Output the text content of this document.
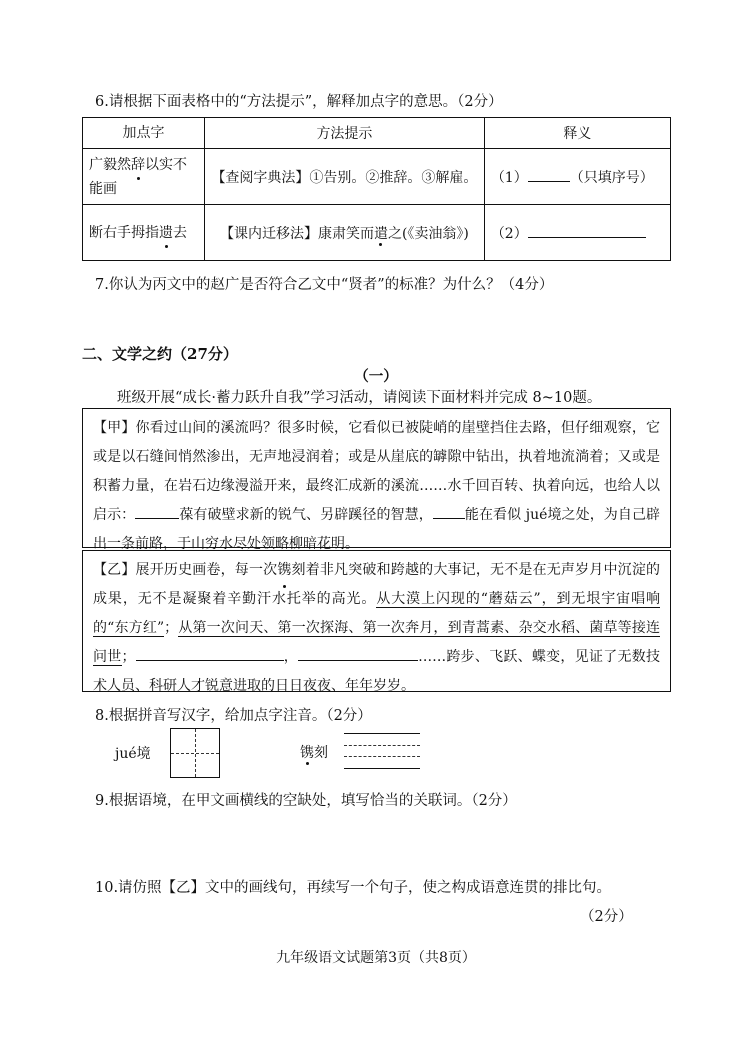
6.请根据下面表格中的“方法提示”，解释加点字的意思。（2分）
加点字	方法提示	释义
广毅然辞以实不能画	【查阅字典法】①告别。②推辞。③解雇。	（1） （只填序号）
断右手拇指遗去	【课内迁移法】康肃笑而遣之(《卖油翁》)	（2）
7.你认为丙文中的赵广是否符合乙文中“贤者”的标准？为什么？（4分）
二、文学之约（27分）
（一）
班级开展“成长·蓄力跃升自我”学习活动，请阅读下面材料并完成 8~10题。
【甲】你看过山间的溪流吗？很多时候，它看似已被陡峭的崖壁挡住去路，但仔细观察，它或是以石缝间悄然渗出，无声地浸润着；或是从崖底的罅隙中钻出，执着地流淌着；又或是积蓄力量，在岩石边缘漫溢开来，最终汇成新的溪流……水千回百转、执着向远，也给人以启示：	葆有破壁求新的锐气、另辟蹊径的智慧， 能在看似 jué境之处，为自己辟出一条前路，于山穷水尽处领略柳暗花明。
【乙】展开历史画卷，每一次镌刻着非凡突破和跨越的大事记，无不是在无声岁月中沉淀的成果，无不是凝聚着辛勤汗水托举的高光。从大漠上闪现的“蘑菇云”，到无垠宇宙唱响的“东方红”；从第一次问天、第一次探海、第一次奔月，到青蒿素、杂交水稻、菌草等接连问世；	，	……跨步、飞跃、蝶变，见证了无数技术人员、科研人才锐意进取的日日夜夜、年年岁岁。
8.根据拼音写汉字，给加点字注音。（2分）
jué境	镌刻
9.根据语境，在甲文画横线的空缺处，填写恰当的关联词。（2分）
10.请仿照【乙】文中的画线句，再续写一个句子，使之构成语意连贯的排比句。
（2分）
九年级语文试题第3页（共8页）
